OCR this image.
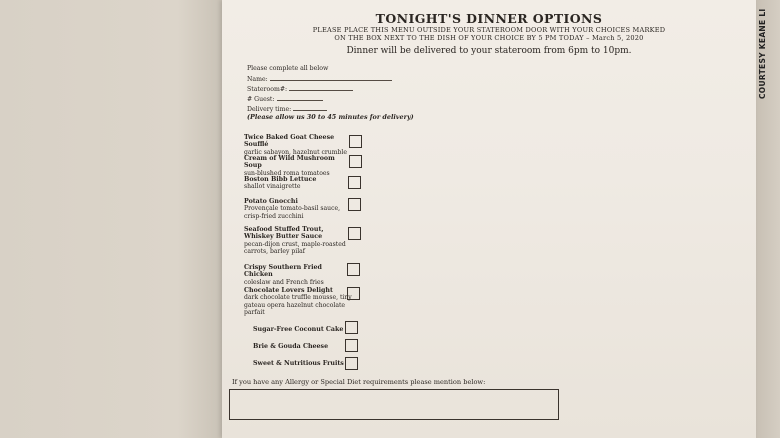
COURTESY KEANE LI
TONIGHT'S DINNER OPTIONS
PLEASE PLACE THIS MENU OUTSIDE YOUR STATEROOM DOOR WITH YOUR CHOICES MARKED
ON THE BOX NEXT TO THE DISH OF YOUR CHOICE BY 5 PM TODAY – March 5, 2020
Dinner will be delivered to your stateroom from 6pm to 10pm.
Please complete all below
Name:
Stateroom#:
# Guest:
Delivery time:
(Please allow us 30 to 45 minutes for delivery)
Twice Baked Goat Cheese Soufflé
garlic sabayon, hazelnut crumble
Cream of Wild Mushroom Soup
sun-blushed roma tomatoes
Boston Bibb Lettuce
shallot vinaigrette
Potato Gnocchi
Provençale tomato-basil sauce, crisp-fried zucchini
Seafood Stuffed Trout, Whiskey Butter Sauce
pecan-dijon crust, maple-roasted carrots, barley pilaf
Crispy Southern Fried Chicken
coleslaw and French fries
Chocolate Lovers Delight
dark chocolate truffle mousse, tiny gateau opera hazelnut chocolate parfait
Sugar-Free Coconut Cake
Brie & Gouda Cheese
Sweet & Nutritious Fruits
If you have any Allergy or Special Diet requirements please mention below:
